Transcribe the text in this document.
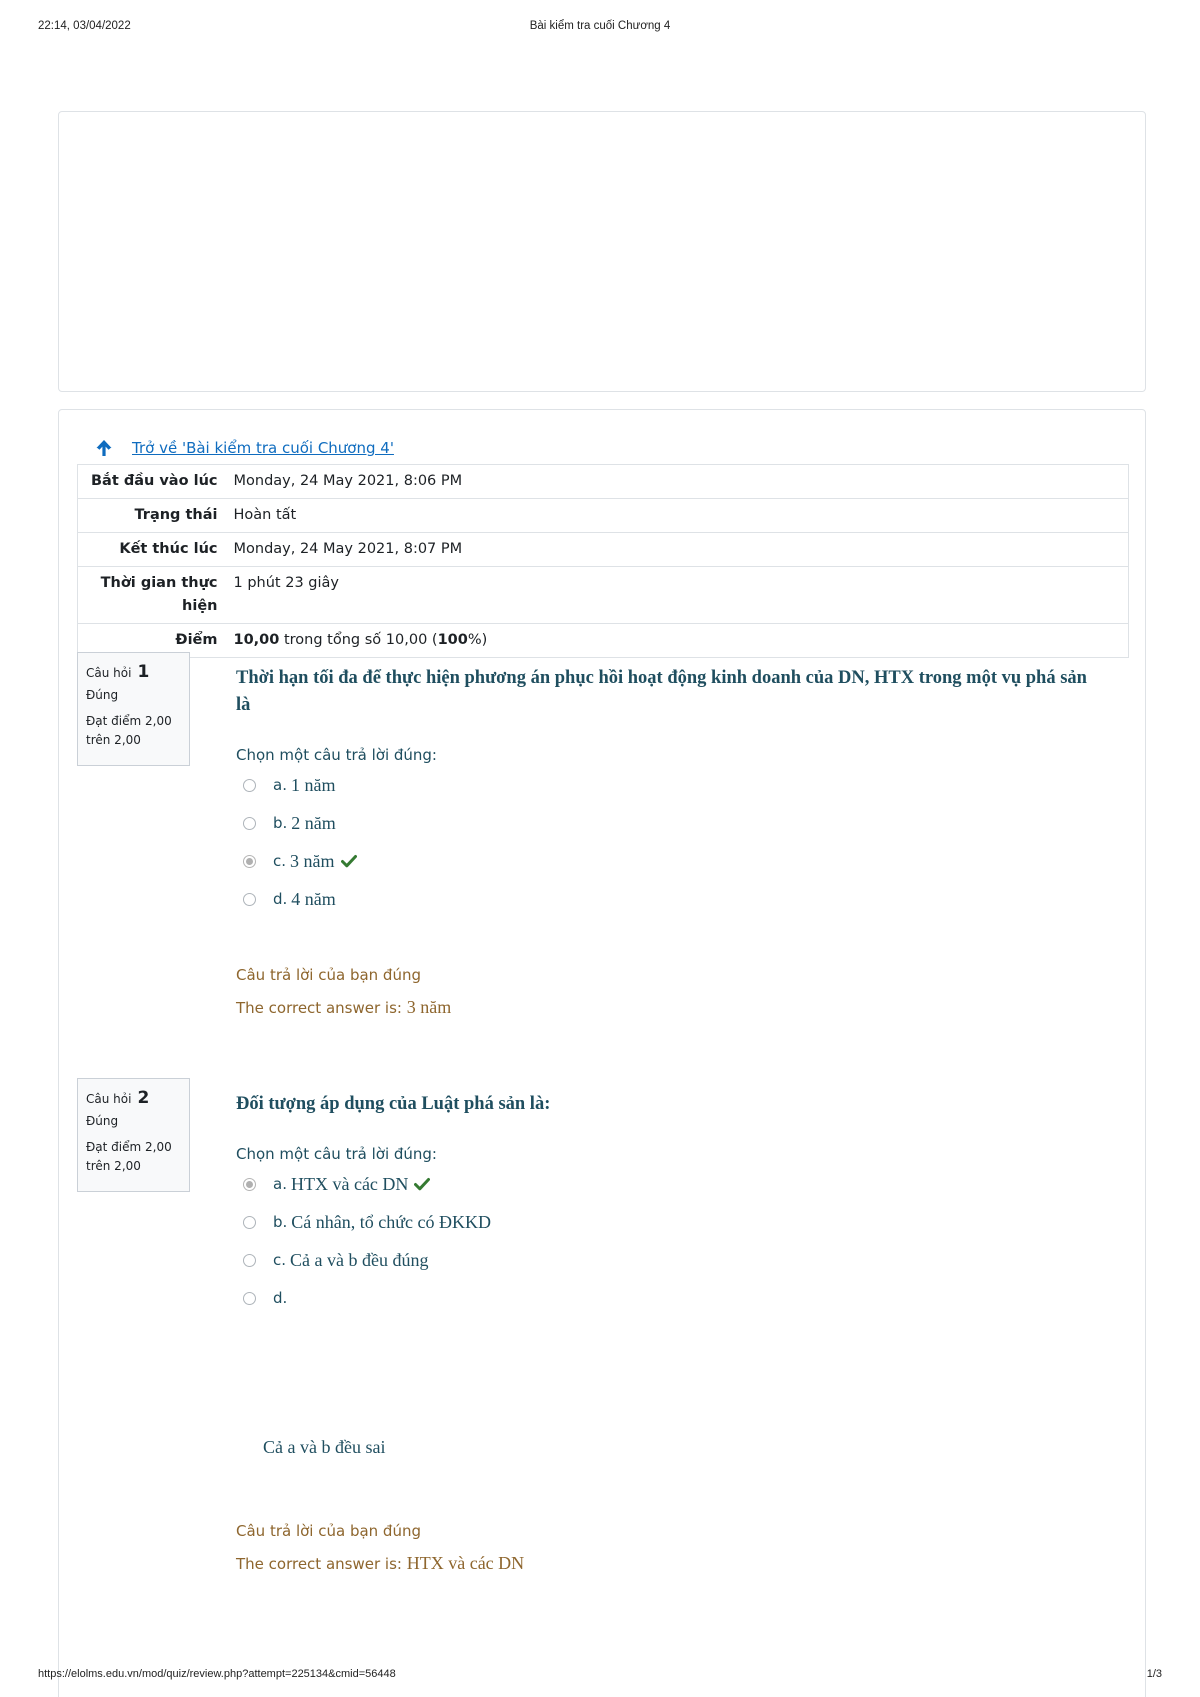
22:14, 03/04/2022	Bài kiểm tra cuối Chương 4
Trở về 'Bài kiểm tra cuối Chương 4'
Bắt đầu vào lúc	Monday, 24 May 2021, 8:06 PM
Trạng thái	Hoàn tất
Kết thúc lúc	Monday, 24 May 2021, 8:07 PM
Thời gian thực hiện	1 phút 23 giây
Điểm	10,00 trong tổng số 10,00 (100%)
Câu hỏi 1
Đúng
Đạt điểm 2,00
trên 2,00
Thời hạn tối đa để thực hiện phương án phục hồi hoạt động kinh doanh của DN, HTX trong một vụ phá sản là
Chọn một câu trả lời đúng:
a. 1 năm
b. 2 năm
c. 3 năm
d. 4 năm
Câu trả lời của bạn đúng
The correct answer is: 3 năm
Câu hỏi 2
Đúng
Đạt điểm 2,00
trên 2,00
Đối tượng áp dụng của Luật phá sản là:
Chọn một câu trả lời đúng:
a. HTX và các DN
b. Cá nhân, tổ chức có ĐKKD
c. Cả a và b đều đúng
d.
Cả a và b đều sai
Câu trả lời của bạn đúng
The correct answer is: HTX và các DN
https://elolms.edu.vn/mod/quiz/review.php?attempt=225134&cmid=56448	1/3
